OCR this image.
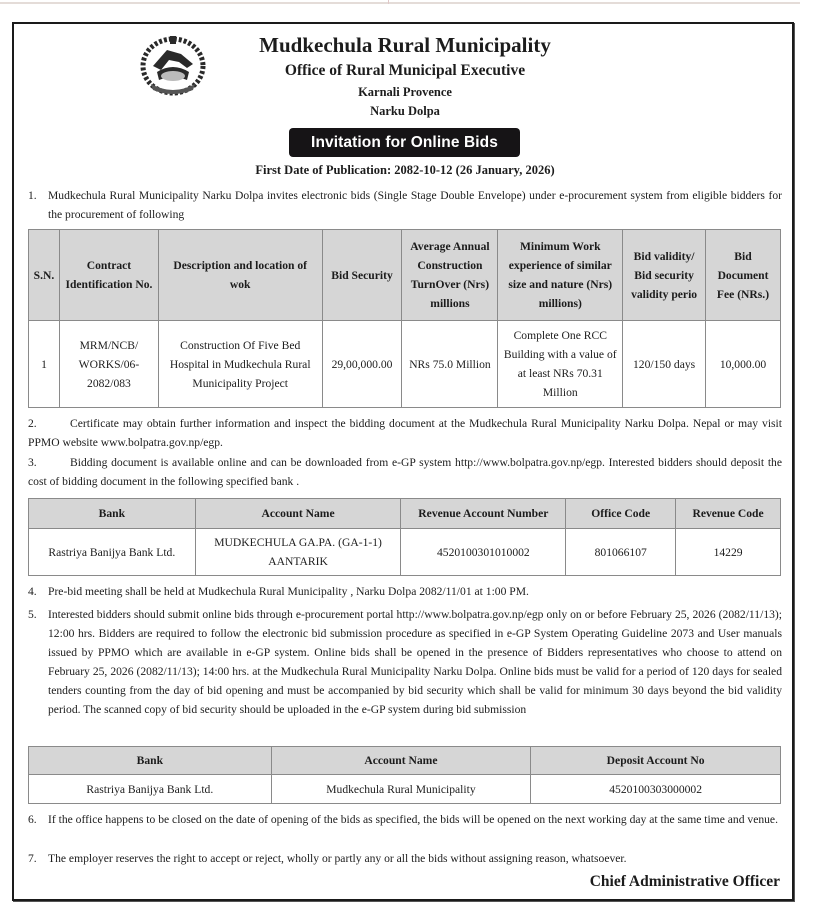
Mudkechula Rural Municipality
Office of Rural Municipal Executive
Karnali Provence
Narku Dolpa
Invitation for Online Bids
First Date of Publication: 2082-10-12 (26 January, 2026)
1. Mudkechula Rural Municipality Narku Dolpa invites electronic bids (Single Stage Double Envelope) under e-procurement system from eligible bidders for the procurement of following
S.N.	Contract Identification No.	Description and location of wok	Bid Security	Average Annual Construction TurnOver (Nrs) millions	Minimum Work experience of similar size and nature (Nrs) millions)	Bid validity/ Bid security validity perio	Bid Document Fee (NRs.)
1	MRM/NCB/ WORKS/06-2082/083	Construction Of Five Bed Hospital in Mudkechula Rural Municipality Project	29,00,000.00	NRs 75.0 Million	Complete One RCC Building with a value of at least NRs 70.31 Million	120/150 days	10,000.00
2.	Certificate may obtain further information and inspect the bidding document at the Mudkechula Rural Municipality Narku Dolpa. Nepal or may visit PPMO website www.bolpatra.gov.np/egp.
3.	Bidding document is available online and can be downloaded from e-GP system http://www.bolpatra.gov.np/egp. Interested bidders should deposit the cost of bidding document in the following specified bank .
Bank	Account Name	Revenue Account Number	Office Code	Revenue Code
Rastriya Banijya Bank Ltd.	MUDKECHULA GA.PA. (GA-1-1) AANTARIK	4520100301010002	801066107	14229
4. Pre-bid meeting shall be held at Mudkechula Rural Municipality , Narku Dolpa 2082/11/01 at 1:00 PM.
5. Interested bidders should submit online bids through e-procurement portal http://www.bolpatra.gov.np/egp only on or before February 25, 2026 (2082/11/13); 12:00 hrs. Bidders are required to follow the electronic bid submission procedure as specified in e-GP System Operating Guideline 2073 and User manuals issued by PPMO which are available in e-GP system. Online bids shall be opened in the presence of Bidders representatives who choose to attend on February 25, 2026 (2082/11/13); 14:00 hrs. at the Mudkechula Rural Municipality Narku Dolpa. Online bids must be valid for a period of 120 days for sealed tenders counting from the day of bid opening and must be accompanied by bid security which shall be valid for minimum 30 days beyond the bid validity period. The scanned copy of bid security should be uploaded in the e-GP system during bid submission
Bank	Account Name	Deposit Account No
Rastriya Banijya Bank Ltd.	Mudkechula Rural Municipality	4520100303000002
6. If the office happens to be closed on the date of opening of the bids as specified, the bids will be opened on the next working day at the same time and venue.
7. The employer reserves the right to accept or reject, wholly or partly any or all the bids without assigning reason, whatsoever.
Chief Administrative Officer
